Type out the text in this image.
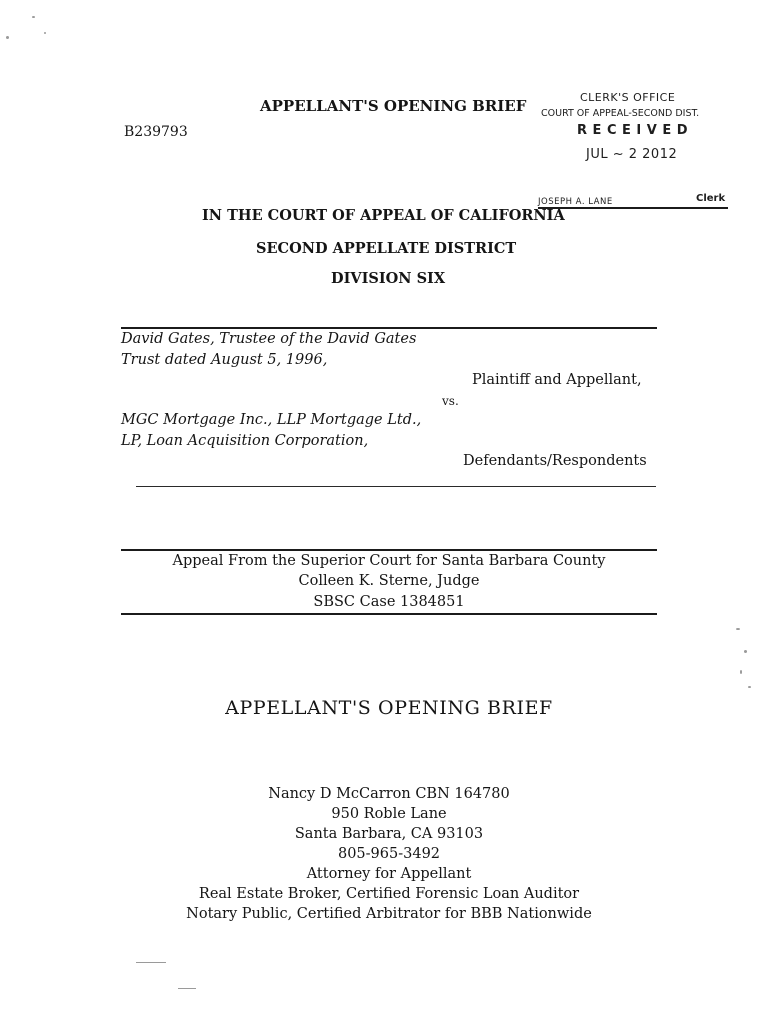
APPELLANT'S OPENING BRIEF
B239793
CLERK'S OFFICE
COURT OF APPEAL-SECOND DIST.
R E C E I V E D
JUL ~ 2 2012
JOSEPH A. LANE	Clerk
IN THE COURT OF APPEAL OF CALIFORNIA
SECOND APPELLATE DISTRICT
DIVISION SIX
David Gates, Trustee of the David Gates
Trust dated August 5, 1996,
Plaintiff and Appellant,
vs.
MGC Mortgage Inc., LLP Mortgage Ltd.,
LP, Loan Acquisition Corporation,
Defendants/Respondents
Appeal From the Superior Court for Santa Barbara County
Colleen K. Sterne, Judge
SBSC Case 1384851
APPELLANT'S OPENING BRIEF
Nancy D McCarron CBN 164780
950 Roble Lane
Santa Barbara, CA 93103
805-965-3492
Attorney for Appellant
Real Estate Broker, Certified Forensic Loan Auditor
Notary Public, Certified Arbitrator for BBB Nationwide
